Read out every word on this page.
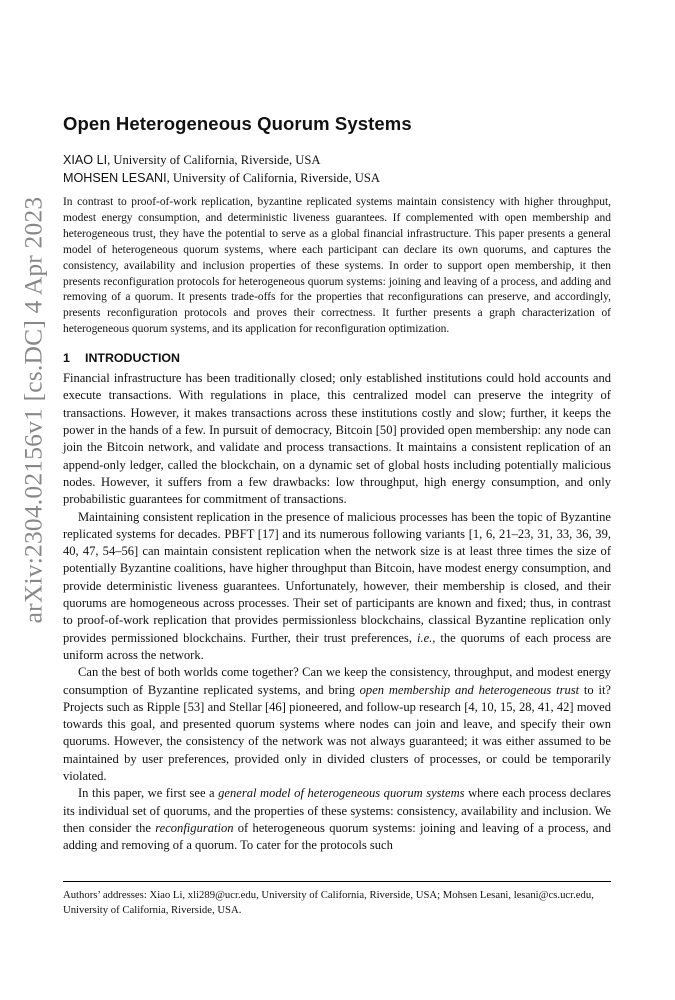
arXiv:2304.02156v1 [cs.DC] 4 Apr 2023
Open Heterogeneous Quorum Systems
XIAO LI, University of California, Riverside, USA
MOHSEN LESANI, University of California, Riverside, USA
In contrast to proof-of-work replication, byzantine replicated systems maintain consistency with higher throughput, modest energy consumption, and deterministic liveness guarantees. If complemented with open membership and heterogeneous trust, they have the potential to serve as a global financial infrastructure. This paper presents a general model of heterogeneous quorum systems, where each participant can declare its own quorums, and captures the consistency, availability and inclusion properties of these systems. In order to support open membership, it then presents reconfiguration protocols for heterogeneous quorum systems: joining and leaving of a process, and adding and removing of a quorum. It presents trade-offs for the properties that reconfigurations can preserve, and accordingly, presents reconfiguration protocols and proves their correctness. It further presents a graph characterization of heterogeneous quorum systems, and its application for reconfiguration optimization.
1 INTRODUCTION

Financial infrastructure has been traditionally closed; only established institutions could hold accounts and execute transactions. With regulations in place, this centralized model can preserve the integrity of transactions. However, it makes transactions across these institutions costly and slow; further, it keeps the power in the hands of a few. In pursuit of democracy, Bitcoin [50] provided open membership: any node can join the Bitcoin network, and validate and process transactions. It maintains a consistent replication of an append-only ledger, called the blockchain, on a dynamic set of global hosts including potentially malicious nodes. However, it suffers from a few drawbacks: low throughput, high energy consumption, and only probabilistic guarantees for commitment of transactions.

Maintaining consistent replication in the presence of malicious processes has been the topic of Byzantine replicated systems for decades. PBFT [17] and its numerous following variants [1, 6, 21–23, 31, 33, 36, 39, 40, 47, 54–56] can maintain consistent replication when the network size is at least three times the size of potentially Byzantine coalitions, have higher throughput than Bitcoin, have modest energy consumption, and provide deterministic liveness guarantees. Unfortunately, however, their membership is closed, and their quorums are homogeneous across processes. Their set of participants are known and fixed; thus, in contrast to proof-of-work replication that provides permissionless blockchains, classical Byzantine replication only provides permissioned blockchains. Further, their trust preferences, i.e., the quorums of each process are uniform across the network.

Can the best of both worlds come together? Can we keep the consistency, throughput, and modest energy consumption of Byzantine replicated systems, and bring open membership and heterogeneous trust to it? Projects such as Ripple [53] and Stellar [46] pioneered, and follow-up research [4, 10, 15, 28, 41, 42] moved towards this goal, and presented quorum systems where nodes can join and leave, and specify their own quorums. However, the consistency of the network was not always guaranteed; it was either assumed to be maintained by user preferences, provided only in divided clusters of processes, or could be temporarily violated.

In this paper, we first see a general model of heterogeneous quorum systems where each process declares its individual set of quorums, and the properties of these systems: consistency, availability and inclusion. We then consider the reconfiguration of heterogeneous quorum systems: joining and leaving of a process, and adding and removing of a quorum. To cater for the protocols such

Authors’ addresses: Xiao Li, xli289@ucr.edu, University of California, Riverside, USA; Mohsen Lesani, lesani@cs.ucr.edu, University of California, Riverside, USA.
